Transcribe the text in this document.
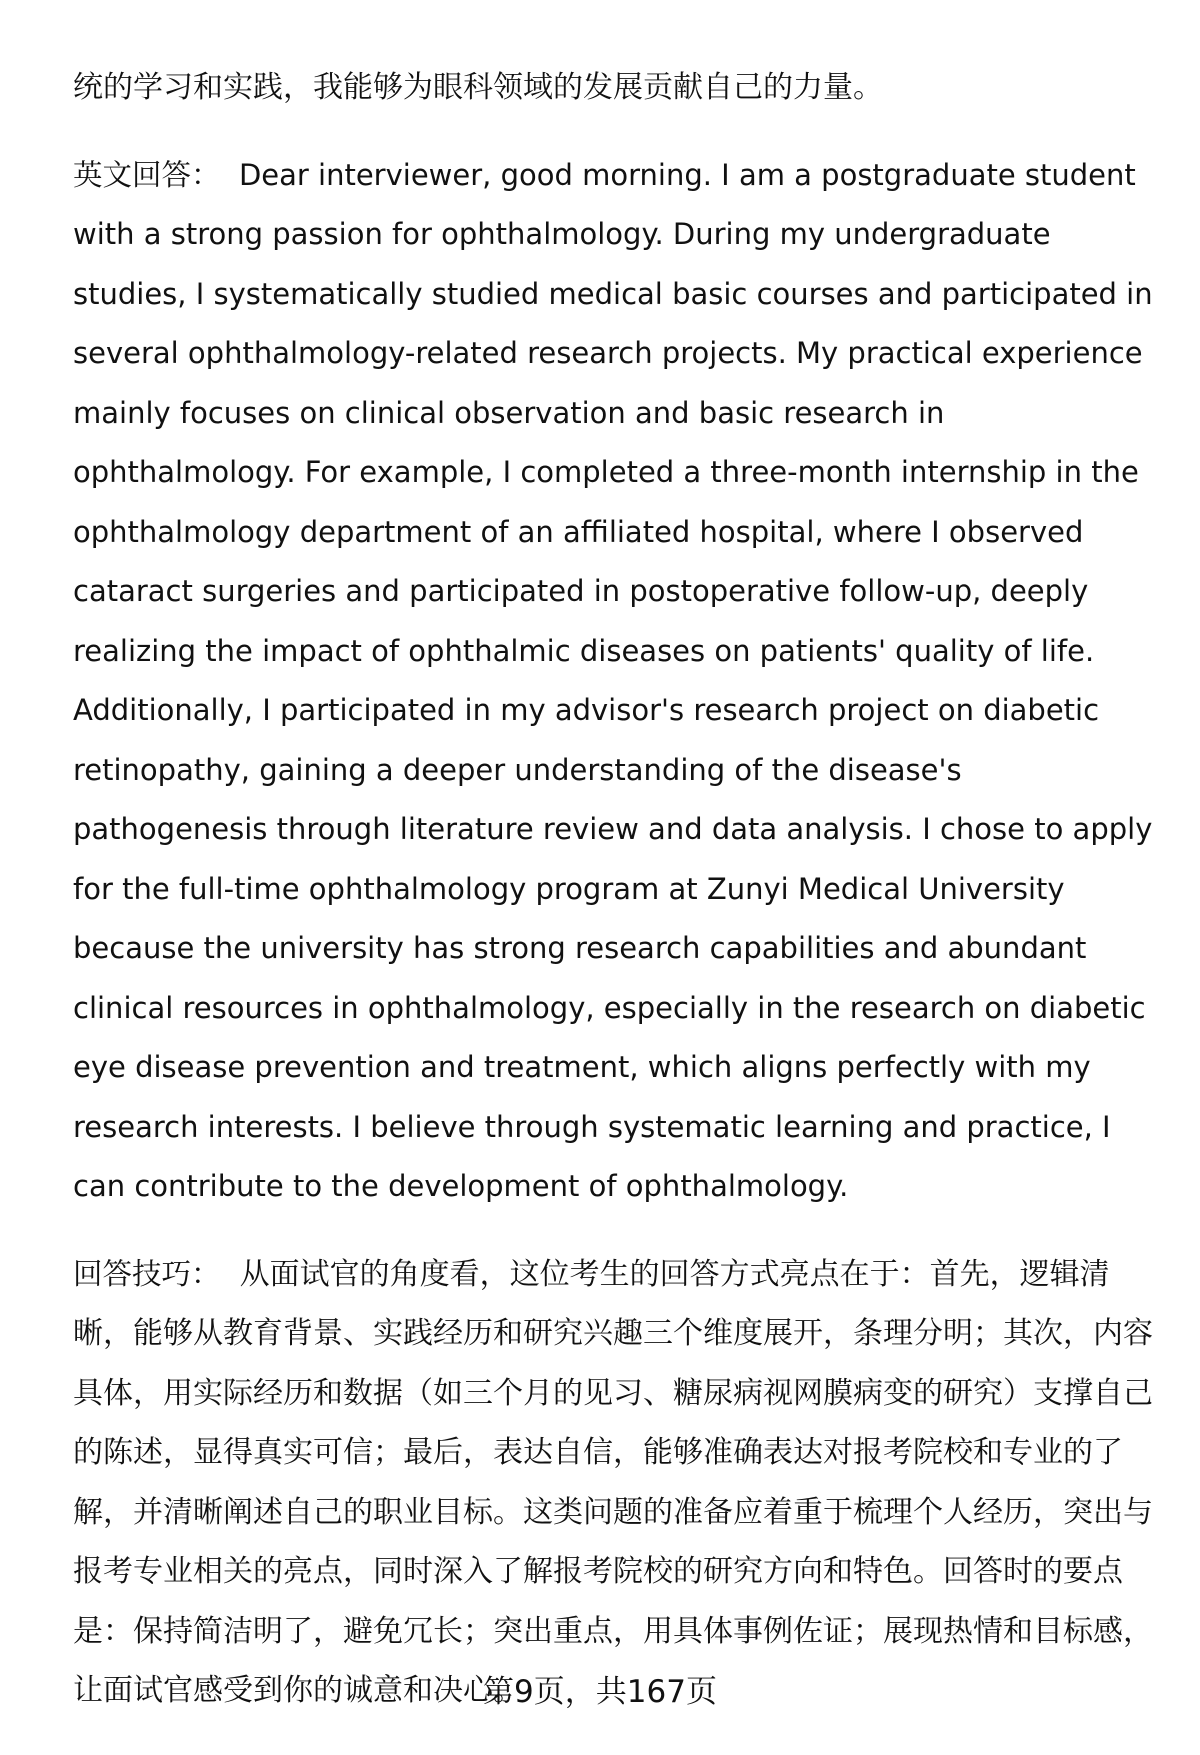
统的学习和实践，我能够为眼科领域的发展贡献自己的力量。

英文回答： Dear interviewer, good morning. I am a postgraduate student with a strong passion for ophthalmology. During my undergraduate studies, I systematically studied medical basic courses and participated in several ophthalmology-related research projects. My practical experience mainly focuses on clinical observation and basic research in ophthalmology. For example, I completed a three-month internship in the ophthalmology department of an affiliated hospital, where I observed cataract surgeries and participated in postoperative follow-up, deeply realizing the impact of ophthalmic diseases on patients' quality of life. Additionally, I participated in my advisor's research project on diabetic retinopathy, gaining a deeper understanding of the disease's pathogenesis through literature review and data analysis. I chose to apply for the full-time ophthalmology program at Zunyi Medical University because the university has strong research capabilities and abundant clinical resources in ophthalmology, especially in the research on diabetic eye disease prevention and treatment, which aligns perfectly with my research interests. I believe through systematic learning and practice, I can contribute to the development of ophthalmology.

回答技巧： 从面试官的角度看，这位考生的回答方式亮点在于：首先，逻辑清晰，能够从教育背景、实践经历和研究兴趣三个维度展开，条理分明；其次，内容具体，用实际经历和数据（如三个月的见习、糖尿病视网膜病变的研究）支撑自己的陈述，显得真实可信；最后，表达自信，能够准确表达对报考院校和专业的了解，并清晰阐述自己的职业目标。这类问题的准备应着重于梳理个人经历，突出与报考专业相关的亮点，同时深入了解报考院校的研究方向和特色。回答时的要点是：保持简洁明了，避免冗长；突出重点，用具体事例佐证；展现热情和目标感，让面试官感受到你的诚意和决心。

第9页，共167页
